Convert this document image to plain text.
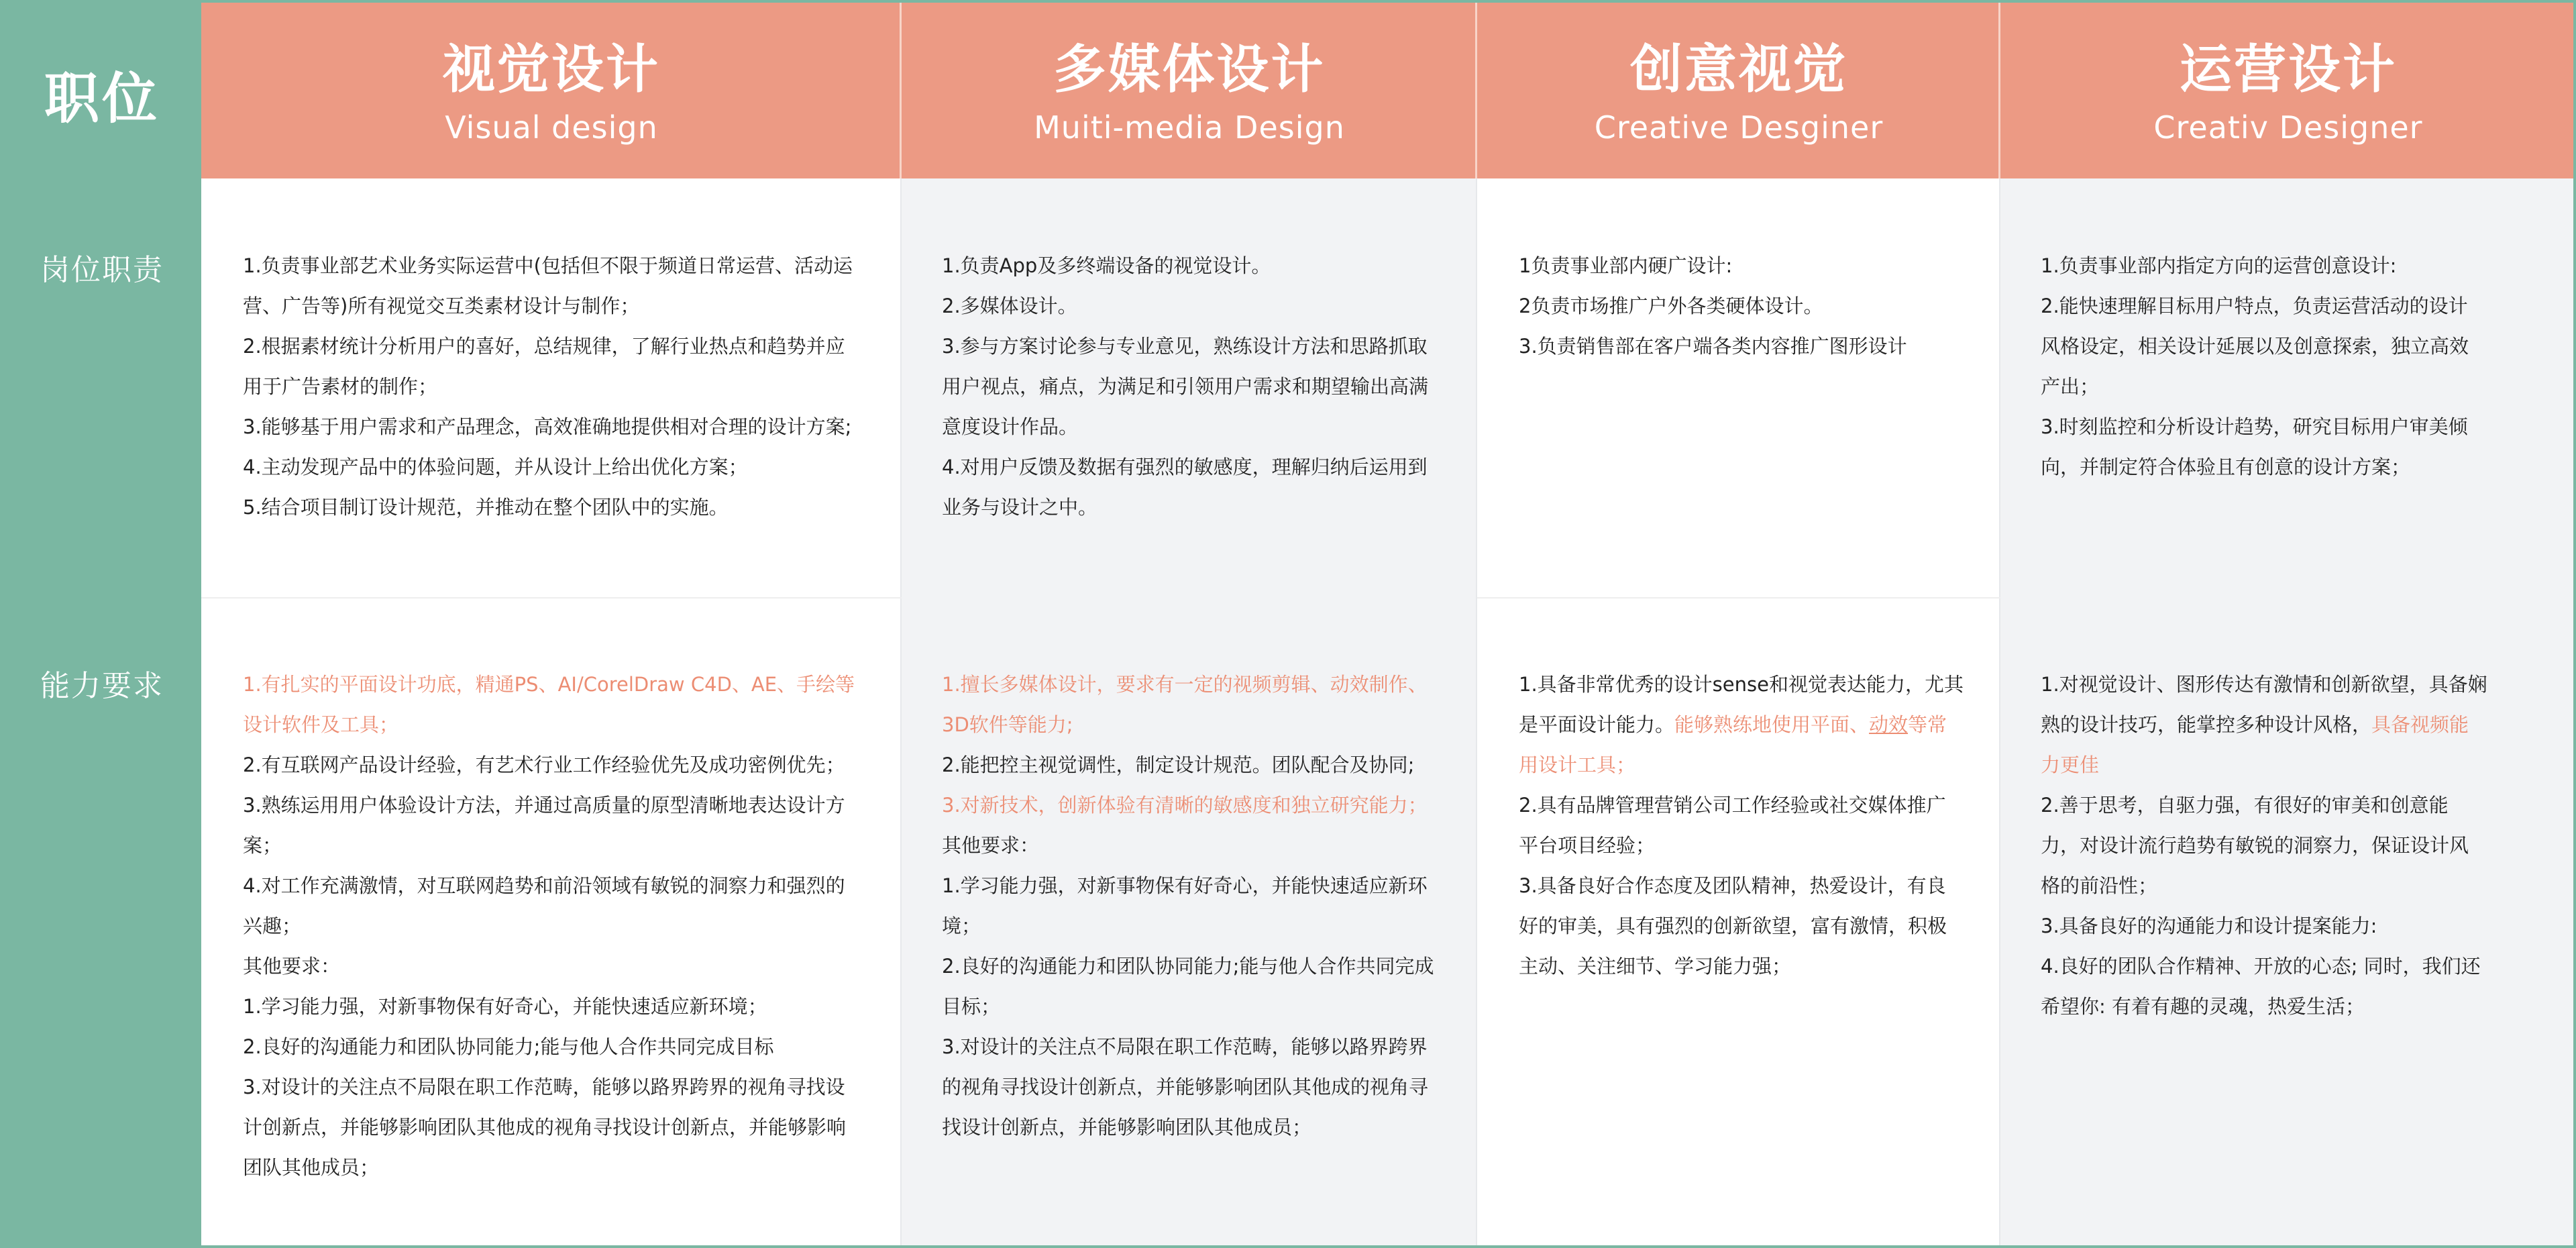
职位
岗位职责
能力要求
视觉设计
Visual design
1.负责事业部艺术业务实际运营中(包括但不限于频道日常运营、活动运
营、广告等)所有视觉交互类素材设计与制作；
2.根据素材统计分析用户的喜好，总结规律，了解行业热点和趋势并应
用于广告素材的制作；
3.能够基于用户需求和产品理念，高效准确地提供相对合理的设计方案;
4.主动发现产品中的体验问题，并从设计上给出优化方案；
5.结合项目制订设计规范，并推动在整个团队中的实施。
1.有扎实的平面设计功底，精通PS、AI/CorelDraw C4D、AE、手绘等
设计软件及工具；
2.有互联网产品设计经验，有艺术行业工作经验优先及成功密例优先；
3.熟练运用用户体验设计方法，并通过高质量的原型清晰地表达设计方
案；
4.对工作充满激情，对互联网趋势和前沿领域有敏锐的洞察力和强烈的
兴趣；
其他要求：
1.学习能力强，对新事物保有好奇心，并能快速适应新环境；
2.良好的沟通能力和团队协同能力;能与他人合作共同完成目标
3.对设计的关注点不局限在职工作范畴，能够以路界跨界的视角寻找设
计创新点，并能够影响团队其他成的视角寻找设计创新点，并能够影响
团队其他成员；
多媒体设计
Muiti-media Design
1.负责App及多终端设备的视觉设计。
2.多媒体设计。
3.参与方案讨论参与专业意见，熟练设计方法和思路抓取
用户视点，痛点，为满足和引领用户需求和期望输出高满
意度设计作品。
4.对用户反馈及数据有强烈的敏感度，理解归纳后运用到
业务与设计之中。
1.擅长多媒体设计，要求有一定的视频剪辑、动效制作、
3D软件等能力;
2.能把控主视觉调性，制定设计规范。团队配合及协同;
3.对新技术，创新体验有清晰的敏感度和独立研究能力；
其他要求：
1.学习能力强，对新事物保有好奇心，并能快速适应新环
境；
2.良好的沟通能力和团队协同能力;能与他人合作共同完成
目标；
3.对设计的关注点不局限在职工作范畴，能够以路界跨界
的视角寻找设计创新点，并能够影响团队其他成的视角寻
找设计创新点，并能够影响团队其他成员；
创意视觉
Creative Desginer
1负责事业部内硬广设计:
2负责市场推广户外各类硬体设计。
3.负责销售部在客户端各类内容推广图形设计
1.具备非常优秀的设计sense和视觉表达能力，尤其
是平面设计能力。能够熟练地使用平面、动效等常
用设计工具；
2.具有品牌管理营销公司工作经验或社交媒体推广
平台项目经验；
3.具备良好合作态度及团队精神，热爱设计，有良
好的审美，具有强烈的创新欲望，富有激情，积极
主动、关注细节、学习能力强；
运营设计
Creativ Designer
1.负责事业部内指定方向的运营创意设计:
2.能快速理解目标用户特点，负责运营活动的设计
风格设定，相关设计延展以及创意探索，独立高效
产出；
3.时刻监控和分析设计趋势，研究目标用户审美倾
向，并制定符合体验且有创意的设计方案；
1.对视觉设计、图形传达有激情和创新欲望，具备娴
熟的设计技巧，能掌控多种设计风格，具备视频能
力更佳
2.善于思考，自驱力强，有很好的审美和创意能
力，对设计流行趋势有敏锐的洞察力，保证设计风
格的前沿性；
3.具备良好的沟通能力和设计提案能力:
4.良好的团队合作精神、开放的心态; 同时，我们还
希望你: 有着有趣的灵魂，热爱生活；
